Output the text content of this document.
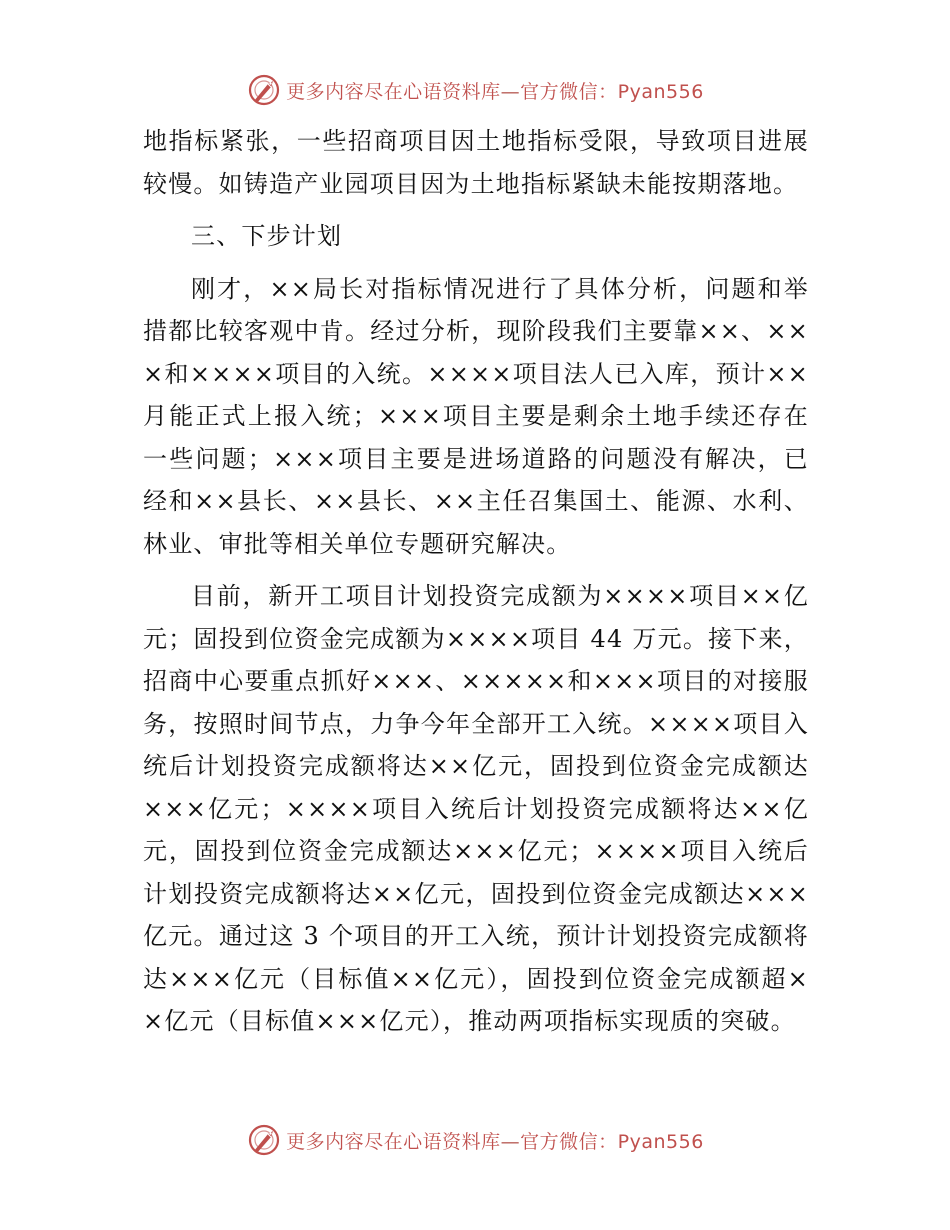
更多内容尽在心语资料库—官方微信：Pyan556

地指标紧张，一些招商项目因土地指标受限，导致项目进展较慢。如铸造产业园项目因为土地指标紧缺未能按期落地。

三、下步计划

刚才，××局长对指标情况进行了具体分析，问题和举措都比较客观中肯。经过分析，现阶段我们主要靠××、×××和××××项目的入统。××××项目法人已入库，预计××月能正式上报入统；×××项目主要是剩余土地手续还存在一些问题；×××项目主要是进场道路的问题没有解决，已经和××县长、××县长、××主任召集国土、能源、水利、林业、审批等相关单位专题研究解决。

目前，新开工项目计划投资完成额为××××项目××亿元；固投到位资金完成额为××××项目 44 万元。接下来，招商中心要重点抓好×××、×××××和×××项目的对接服务，按照时间节点，力争今年全部开工入统。××××项目入统后计划投资完成额将达××亿元，固投到位资金完成额达×××亿元；××××项目入统后计划投资完成额将达××亿元，固投到位资金完成额达×××亿元；××××项目入统后计划投资完成额将达××亿元，固投到位资金完成额达×××亿元。通过这 3 个项目的开工入统，预计计划投资完成额将达×××亿元（目标值××亿元），固投到位资金完成额超××亿元（目标值×××亿元），推动两项指标实现质的突破。

更多内容尽在心语资料库—官方微信：Pyan556
